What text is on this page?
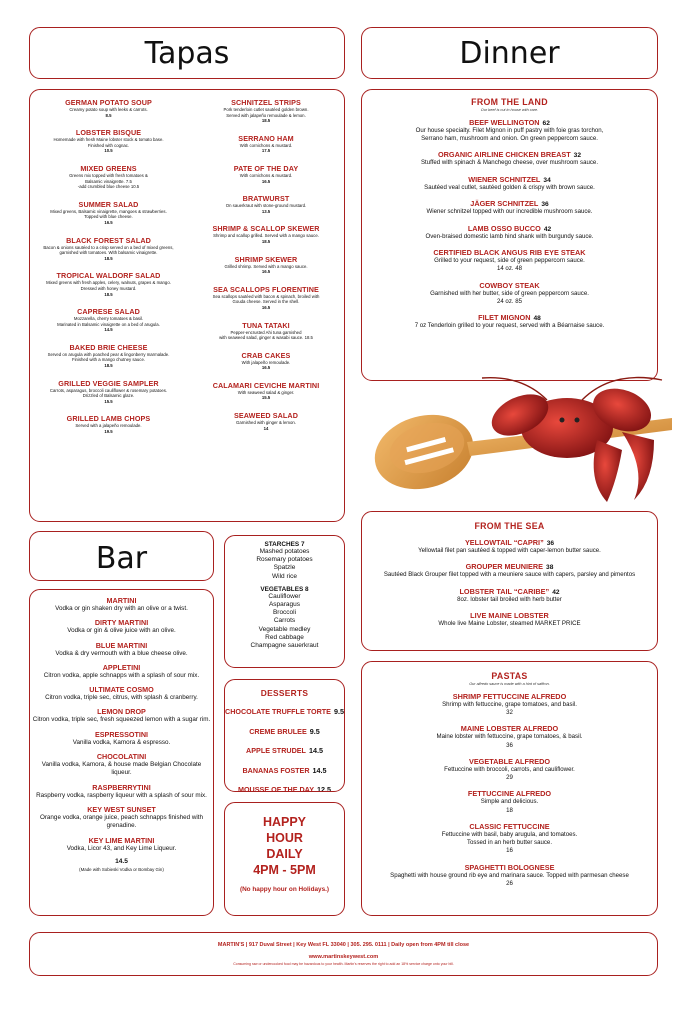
Tapas
GERMAN POTATO SOUP
Creamy potato soup with leeks & carrots.
8.5
LOBSTER BISQUE
Homemade with fresh Maine lobster stock & tomato base.
Finished with cognac.
10.5
MIXED GREENS
Greens mix topped with fresh tomatoes &
Balsamic vinaigrette. 7.5
-add crumbled blue cheese 10.5
SUMMER SALAD
Mixed greens, Balsamic vinaigrette, mangoes & strawberries.
Topped with blue cheese.
16.5
BLACK FOREST SALAD
Bacon & onions sautéed to a crisp served on a bed of mixed greens,
garnished with tomatoes. With balsamic vinaigrette.
18.5
TROPICAL WALDORF SALAD
Mixed greens with fresh apples, celery, walnuts, grapes & mango.
Dressed with honey mustard.
18.5
CAPRESE SALAD
Mozzarella, cherry tomatoes & basil.
Marinated in Balsamic vinaigrette on a bed of arugula.
14.5
BAKED BRIE CHEESE
Served on arugula with poached pear & lingonberry marmalade.
Finished with a mango chutney sauce.
18.5
GRILLED VEGGIE SAMPLER
Carrots, asparagus, broccoli cauliflower & rosemary potatoes.
Drizzled of Balsamic glaze.
15.5
GRILLED LAMB CHOPS
Served with a jalapeño remoulade.
19.5
SCHNITZEL STRIPS
Pork tenderloin cutlet sautéed golden brown.
Served with jalapeño remoulade & lemon.
18.5
SERRANO HAM
With cornichons & mustard.
17.5
PATE OF THE DAY
With cornichons & mustard.
16.5
BRATWURST
On sauerkraut with stone-ground mustard.
13.5
SHRIMP & SCALLOP SKEWER
Shrimp and scallop grilled. Served with a mango sauce.
18.5
SHRIMP SKEWER
Grilled shrimp. Served with a mango sauce.
16.5
SEA SCALLOPS FLORENTINE
Sea scallops sautéed with bacon & spinach, broiled with
Gouda cheese. Served in the shell.
16.5
TUNA TATAKI
Pepper-encrusted Ahi tuna garnished
with seaweed salad, ginger & wasabi sauce. 18.5
CRAB CAKES
With jalapeño remoulade.
16.5
CALAMARI CEVICHE MARTINI
With seaweed salad & ginger.
15.5
SEAWEED SALAD
Garnished with ginger & lemon.
14
Dinner
FROM THE LAND
Our beef is cut in house with care.
BEEF WELLINGTON 62
Our house specialty. Filet Mignon in puff pastry with foie gras torchon,
Serrano ham, mushroom and onion. On green peppercorn sauce.
ORGANIC AIRLINE CHICKEN BREAST 32
Stuffed with spinach & Manchego cheese, over mushroom sauce.
WIENER SCHNITZEL 34
Sautéed veal cutlet, sautéed golden & crispy with brown sauce.
JÄGER SCHNITZEL 36
Wiener schnitzel topped with our incredible mushroom sauce.
LAMB OSSO BUCCO 42
Oven-braised domestic lamb hind shank with burgundy sauce.
CERTIFIED BLACK ANGUS RIB EYE STEAK
Grilled to your request, side of green peppercorn sauce.
14 oz. 48
COWBOY STEAK
Garnished with her butter, side of green peppercorn sauce.
24 oz. 85
FILET MIGNON 48
7 oz Tenderloin grilled to your request, served with a Béarnaise sauce.
FROM THE SEA
YELLOWTAIL “CAPRI” 36
Yellowtail filet pan sautéed & topped with caper-lemon butter sauce.
GROUPER MEUNIERE 38
Sautéed Black Grouper filet topped with a meuniere sauce with capers, parsley and pimentos
LOBSTER TAIL “CARIBE” 42
8oz. lobster tail broiled with herb butter
LIVE MAINE LOBSTER
Whole live Maine Lobster, steamed MARKET PRICE
PASTAS
Our alfredo sauce is made with a hint of saffron.
SHRIMP FETTUCCINE ALFREDO
Shrimp with fettuccine, grape tomatoes, and basil.
32
MAINE LOBSTER ALFREDO
Maine lobster with fettuccine, grape tomatoes, & basil.
36
VEGETABLE ALFREDO
Fettuccine with broccoli, carrots, and cauliflower.
29
FETTUCCINE ALFREDO
Simple and delicious.
18
CLASSIC FETTUCCINE
Fettuccine with basil, baby arugula, and tomatoes.
Tossed in an herb butter sauce.
16
SPAGHETTI BOLOGNESE
Spaghetti with house ground rib eye and marinara sauce. Topped with parmesan cheese
26
Bar
MARTINI
Vodka or gin shaken dry with an olive or a twist.
DIRTY MARTINI
Vodka or gin & olive juice with an olive.
BLUE MARTINI
Vodka & dry vermouth with a blue cheese olive.
APPLETINI
Citron vodka, apple schnapps with a splash of sour mix.
ULTIMATE COSMO
Citron vodka, triple sec, citrus, with splash & cranberry.
LEMON DROP
Citron vodka, triple sec, fresh squeezed lemon with a sugar rim.
ESPRESSOTINI
Vanilla vodka, Kamora & espresso.
CHOCOLATINI
Vanilla vodka, Kamora, & house made Belgian Chocolate
liqueur.
RASPBERRYTINI
Raspberry vodka, raspberry liqueur with a splash of sour mix.
KEY WEST SUNSET
Orange vodka, orange juice, peach schnapps finished with
grenadine.
KEY LIME MARTINI
Vodka, Licor 43, and Key Lime Liqueur.
14.5
(Made with Sobieski Vodka or Bombay Gin)
STARCHES 7
Mashed potatoes
Rosemary potatoes
Spatzle
Wild rice
VEGETABLES 8
Cauliflower
Asparagus
Broccoli
Carrots
Vegetable medley
Red cabbage
Champagne sauerkraut
DESSERTS
CHOCOLATE TRUFFLE TORTE 9.5
CREME BRULEE 9.5
APPLE STRUDEL 14.5
BANANAS FOSTER 14.5
MOUSSE OF THE DAY 12.5
HAPPY
HOUR
DAILY
4PM - 5PM
(No happy hour on Holidays.)
MARTIN'S | 917 Duval Street | Key West FL 33040 | 305. 295. 0111 | Daily open from 4PM till close
www.martinskeywest.com
Consuming raw or undercooked food may be hazardous to your health. Martin's reserves the right to add an 18% service charge onto your bill.
